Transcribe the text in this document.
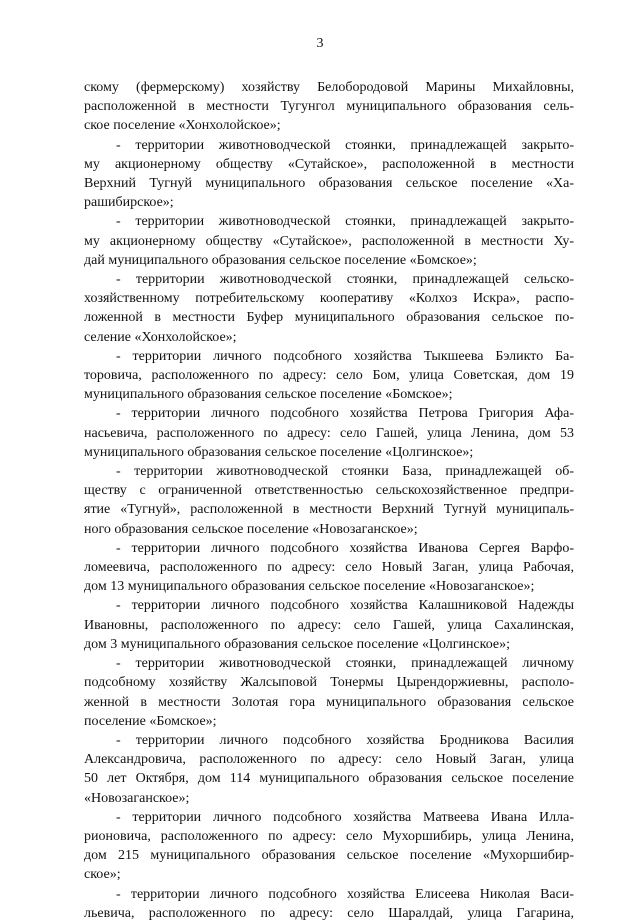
3
скому (фермерскому) хозяйству Белобородовой Марины Михайловны,
расположенной в местности Тугунгол муниципального образования сель-
ское поселение «Хонхолойское»;
- территории животноводческой стоянки, принадлежащей закрыто-
му акционерному обществу «Сутайское», расположенной в местности
Верхний Тугнуй муниципального образования сельское поселение «Ха-
рашибирское»;
- территории животноводческой стоянки, принадлежащей закрыто-
му акционерному обществу «Сутайское», расположенной в местности Ху-
дай муниципального образования сельское поселение «Бомское»;
- территории животноводческой стоянки, принадлежащей сельско-
хозяйственному потребительскому кооперативу «Колхоз Искра», распо-
ложенной в местности Буфер муниципального образования сельское по-
селение «Хонхолойское»;
- территории личного подсобного хозяйства Тыкшеева Бэликто Ба-
торовича, расположенного по адресу: село Бом, улица Советская, дом 19
муниципального образования сельское поселение «Бомское»;
- территории личного подсобного хозяйства Петрова Григория Афа-
насьевича, расположенного по адресу: село Гашей, улица Ленина, дом 53
муниципального образования сельское поселение «Цолгинское»;
- территории животноводческой стоянки База, принадлежащей об-
ществу с ограниченной ответственностью сельскохозяйственное предпри-
ятие «Тугнуй», расположенной в местности Верхний Тугнуй муниципаль-
ного образования сельское поселение «Новозаганское»;
- территории личного подсобного хозяйства Иванова Сергея Варфо-
ломеевича, расположенного по адресу: село Новый Заган, улица Рабочая,
дом 13 муниципального образования сельское поселение «Новозаганское»;
- территории личного подсобного хозяйства Калашниковой Надежды
Ивановны, расположенного по адресу: село Гашей, улица Сахалинская,
дом 3 муниципального образования сельское поселение «Цолгинское»;
- территории животноводческой стоянки, принадлежащей личному
подсобному хозяйству Жалсыповой Тонермы Цырендоржиевны, располо-
женной в местности Золотая гора муниципального образования сельское
поселение «Бомское»;
- территории личного подсобного хозяйства Бродникова Василия
Александровича, расположенного по адресу: село Новый Заган, улица
50 лет Октября, дом 114 муниципального образования сельское поселение
«Новозаганское»;
- территории личного подсобного хозяйства Матвеева Ивана Илла-
рионовича, расположенного по адресу: село Мухоршибирь, улица Ленина,
дом 215 муниципального образования сельское поселение «Мухоршибир-
ское»;
- территории личного подсобного хозяйства Елисеева Николая Васи-
льевича, расположенного по адресу: село Шаралдай, улица Гагарина,
